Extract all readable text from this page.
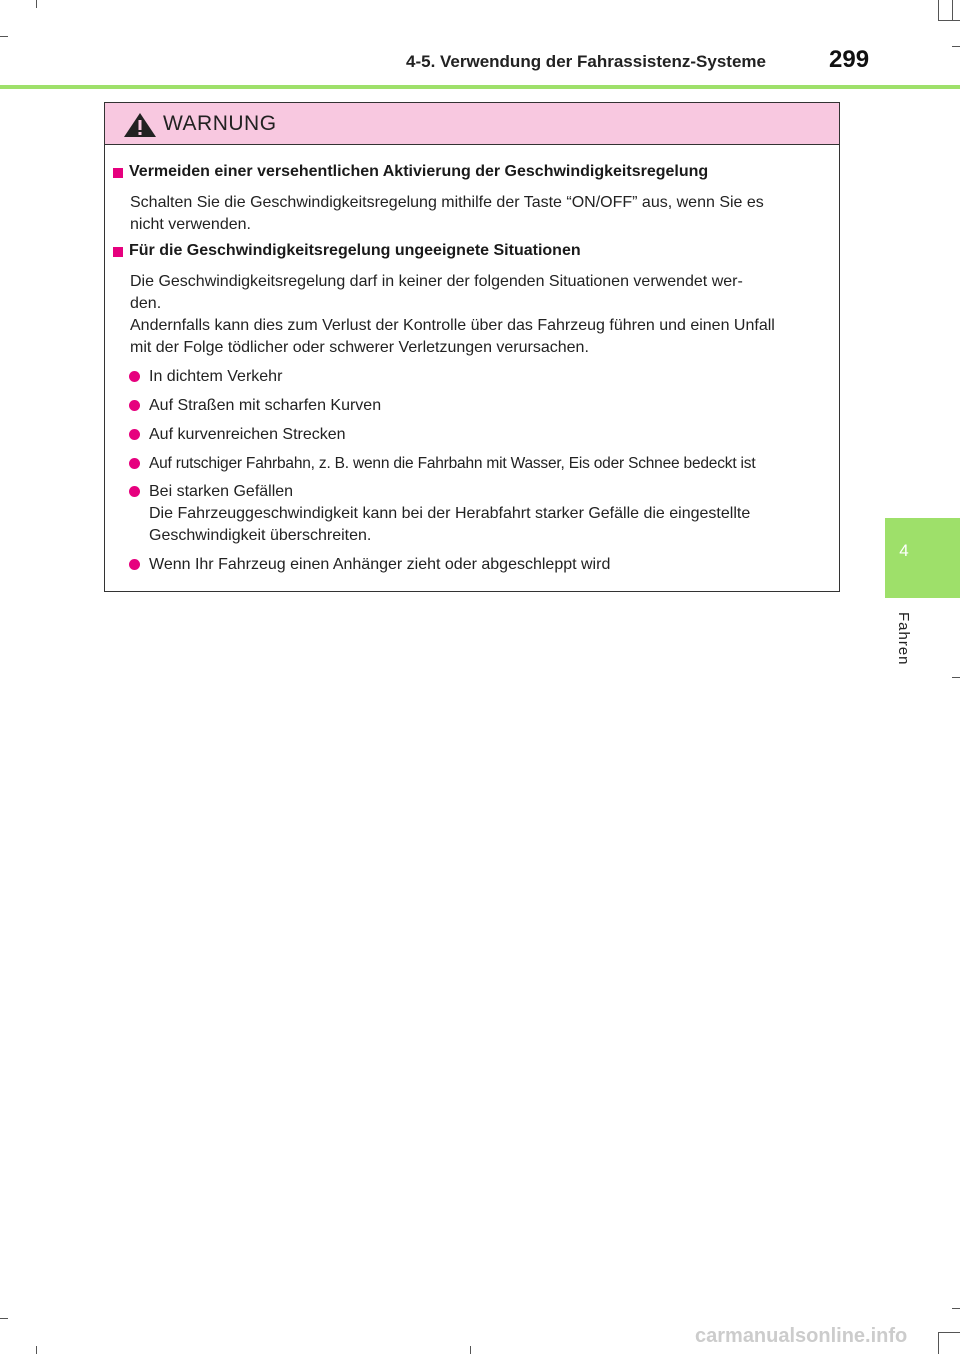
4-5. Verwendung der Fahrassistenz-Systeme	299
4
Fahren
WARNUNG
Vermeiden einer versehentlichen Aktivierung der Geschwindigkeitsregelung
Schalten Sie die Geschwindigkeitsregelung mithilfe der Taste “ON/OFF” aus, wenn Sie es
nicht verwenden.
Für die Geschwindigkeitsregelung ungeeignete Situationen
Die Geschwindigkeitsregelung darf in keiner der folgenden Situationen verwendet wer-
den.
Andernfalls kann dies zum Verlust der Kontrolle über das Fahrzeug führen und einen Unfall
mit der Folge tödlicher oder schwerer Verletzungen verursachen.
In dichtem Verkehr
Auf Straßen mit scharfen Kurven
Auf kurvenreichen Strecken
Auf rutschiger Fahrbahn, z. B. wenn die Fahrbahn mit Wasser, Eis oder Schnee bedeckt ist
Bei starken Gefällen
Die Fahrzeuggeschwindigkeit kann bei der Herabfahrt starker Gefälle die eingestellte
Geschwindigkeit überschreiten.
Wenn Ihr Fahrzeug einen Anhänger zieht oder abgeschleppt wird
carmanualsonline.info
